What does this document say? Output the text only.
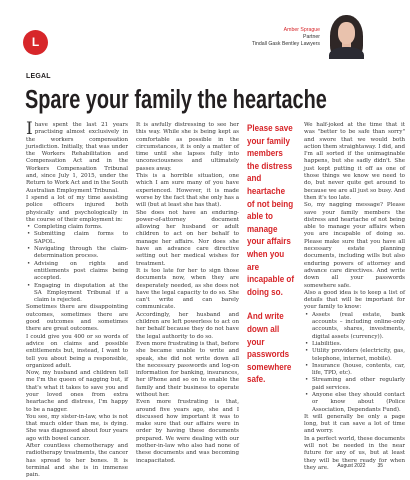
L
Amber Sprague
Partner
Tindall Gask Bentley Lawyers
LEGAL
Spare your family the heartache

Ihave spent the last 21 years practising almost exclusively in the workers compensation jurisdiction. Initially, that was under the Workers Rehabilitation and Compensation Act and in the Workers Compensation Tribunal and, since July 1, 2015, under the Return to Work Act and in the South Australian Employment Tribunal.

I spend a lot of my time assisting police officers injured both physically and psychologically in the course of their employment in:

• Completing claim forms.
• Submitting claim forms to SAPOL.
• Navigating through the claim-determination process.
• Advising on rights and entitlements post claims being accepted.
• Engaging in disputation at the SA Employment Tribunal if a claim is rejected.

Sometimes there are disappointing outcomes, sometimes there are good outcomes and sometimes there are great outcomes.

I could give you 400 or so words of advice on claims and possible entitlements but, instead, I want to tell you about being a responsible, organized adult.

Now, my husband and children tell me I'm the queen of nagging but, if that's what it takes to save you and your loved ones from extra heartache and distress, I'm happy to be a nagger.

You see, my sister-in-law, who is not that much older than me, is dying. She was diagnosed about four years ago with bowel cancer.

After countless chemotherapy and radiotherapy treatments, the cancer has spread to her bones. It is terminal and she is in immense pain.

It is awfully distressing to see her this way. While she is being kept as comfortable as possible in the circumstances, it is only a matter of time until she lapses fully into unconsciousness and ultimately passes away.

This is a horrible situation, one which I am sure many of you have experienced. However, it is made worse by the fact that she only has a will (but at least she has that).

She does not have an enduring-power-of-attorney document allowing her husband or adult children to act on her behalf to manage her affairs. Nor does she have an advance care directive setting out her medical wishes for treatment.

It is too late for her to sign those documents now, when they are desperately needed, as she does not have the legal capacity to do so. She can't write and can barely communicate.

Accordingly, her husband and children are left powerless to act on her behalf because they do not have the legal authority to do so.

Even more frustrating is that, before she became unable to write and speak, she did not write down all the necessary passwords and log-on information for banking, insurances, her iPhone and so on to enable the family and their business to operate without her.

Even more frustrating is that, around five years ago, she and I discussed how important it was to make sure that our affairs were in order by having these documents prepared. We were dealing with our mother-in-law who also had none of these documents and was becoming incapacitated.

Please save your family members the distress and heartache of not being able to manage your affairs when you are incapable of doing so.

And write down all your passwords somewhere safe.

We half-joked at the time that it was "better to be safe than sorry" and swore that we would both action them straightaway. I did, and I'm all sorted if the unimaginable happens, but she sadly didn't. She just kept putting it off as one of those things we know we need to do, but never quite get around to because we are all just so busy. And then it's too late.

So, my nagging message? Please save your family members the distress and heartache of not being able to manage your affairs when you are incapable of doing so. Please make sure that you have all necessary estate planning documents, including wills but also enduring powers of attorney and advance care directives. And write down all your passwords somewhere safe.

Also a good idea is to keep a list of details that will be important for your family to know:

• Assets (real estate, bank accounts – including online-only accounts, shares, investments, digital assets (currency)).
• Liabilities.
• Utility providers (electricity, gas, telephone, internet, mobile).
• Insurance (house, contents, car, life, TPD, etc).
• Streaming and other regularly paid services.
• Anyone else they should contact or know about (Police Association, Dependants Fund).

It will generally be only a page long, but it can save a lot of time and worry.

In a perfect world, these documents will not be needed in the near future for any of us, but at least they will be there ready for when they are.	August 2022 35
